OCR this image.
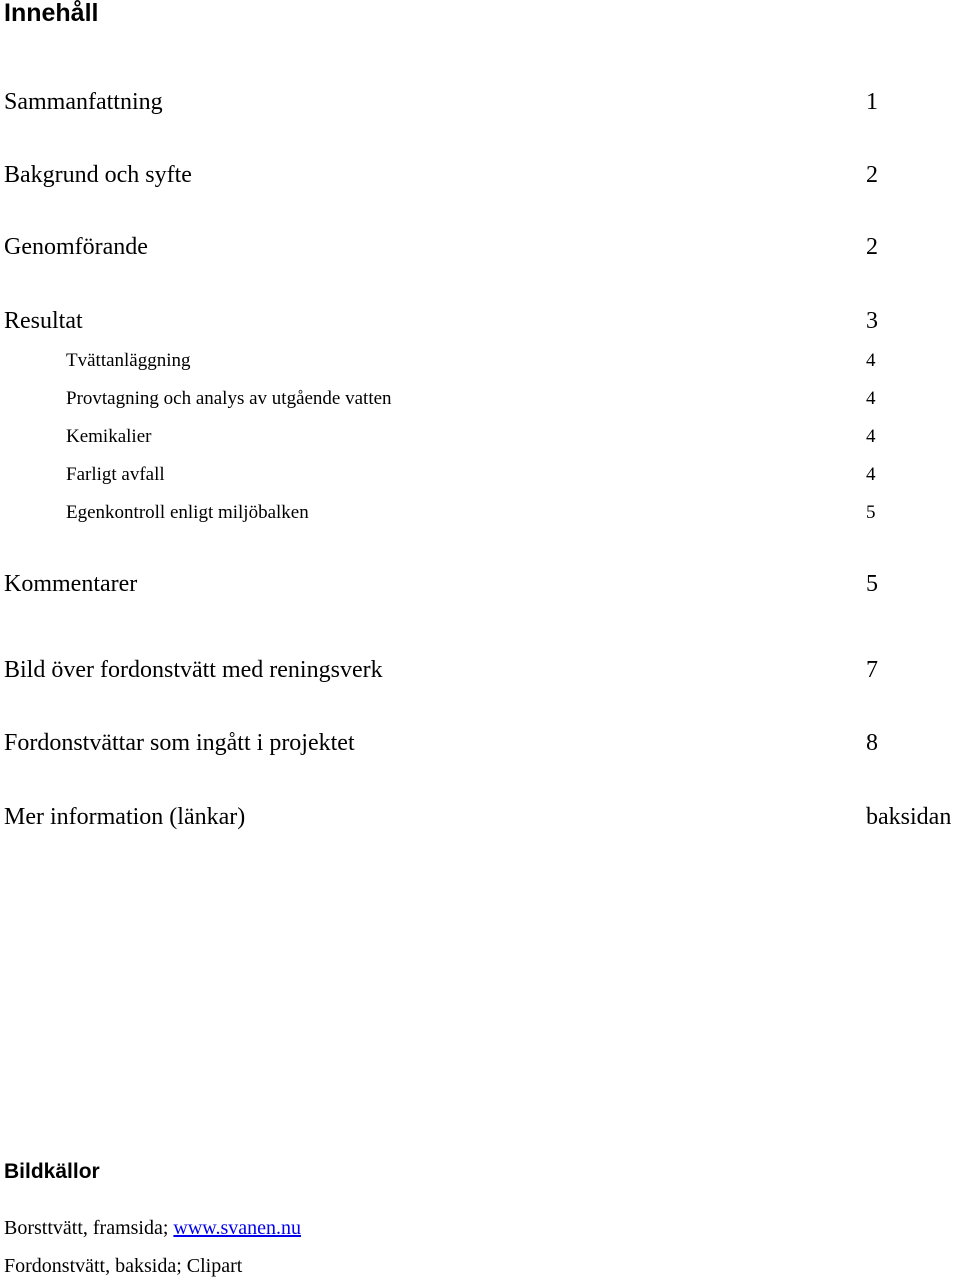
Innehåll
Sammanfattning	1
Bakgrund och syfte	2
Genomförande	2
Resultat	3
Tvättanläggning	4
Provtagning och analys av utgående vatten	4
Kemikalier	4
Farligt avfall	4
Egenkontroll enligt miljöbalken	5
Kommentarer	5
Bild över fordonstvätt med reningsverk	7
Fordonstvättar som ingått i projektet	8
Mer information (länkar)	baksidan
Bildkällor
Borsttvätt, framsida; www.svanen.nu
Fordonstvätt, baksida; Clipart
